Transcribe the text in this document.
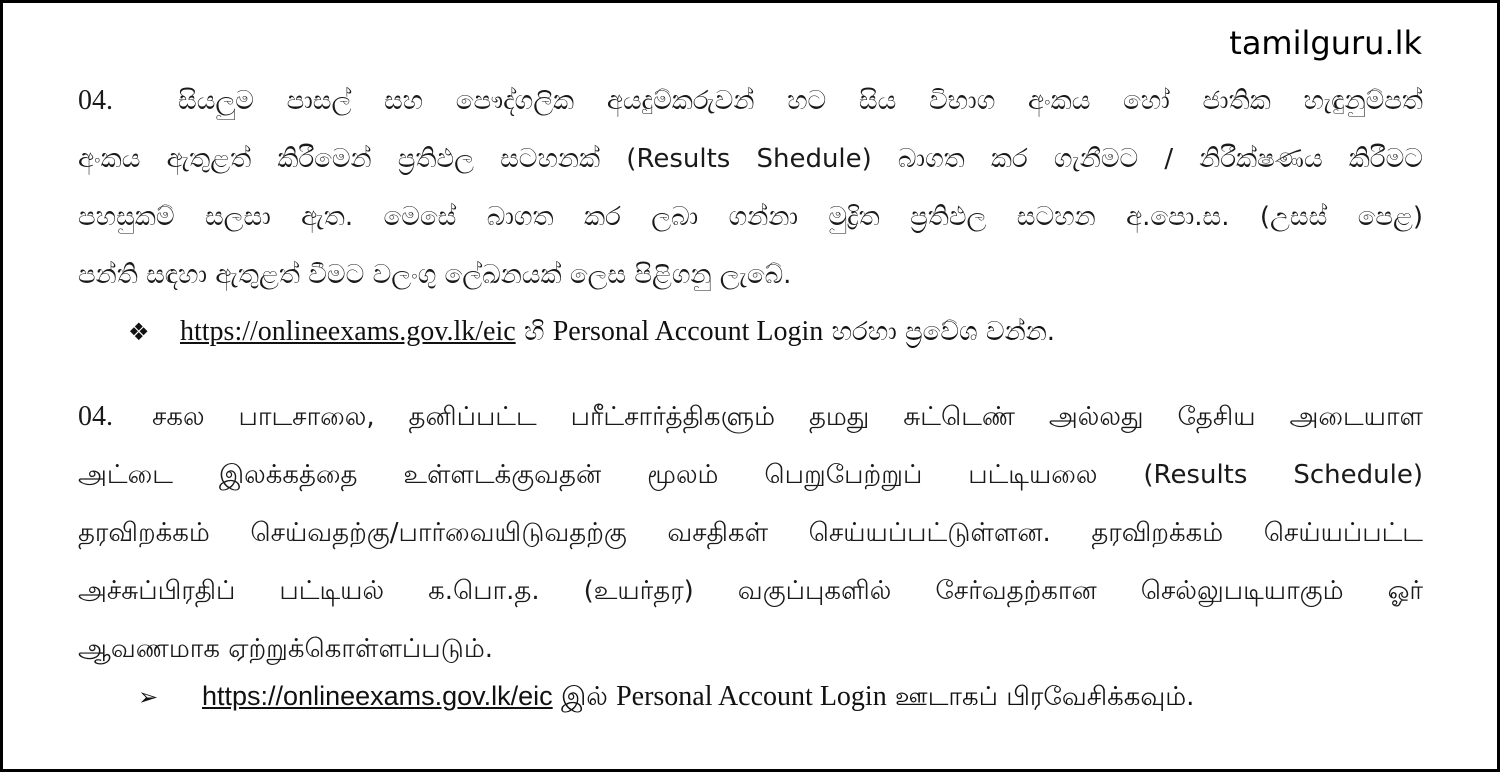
tamilguru.lk
04.	සියලුම පාසල් සහ පෞද්ගලික අයදුම්කරුවන් හට සිය විභාග අංකය හෝ ජාතික හැඳුනුම්පත්
අංකය ඇතුළත් කිරීමෙන් ප්‍රතිඵල සටහනක් (Results Shedule) බාගත කර ගැනීමට / නිරීක්ෂණය කිරීමට
පහසුකම් සලසා ඇත. මෙසේ බාගත කර ලබා ගන්නා මුද්‍රිත ප්‍රතිඵල සටහන අ.පො.ස. (උසස් පෙළ)
පන්ති සඳහා ඇතුළත් වීමට වලංගු ලේඛනයක් ලෙස පිළිගනු ලැබේ.
❖ https://onlineexams.gov.lk/eic හි Personal Account Login හරහා ප්‍රවේශ වන්න.
04. சகல பாடசாலை, தனிப்பட்ட பரீட்சார்த்திகளும் தமது சுட்டெண் அல்லது தேசிய அடையாள
அட்டை இலக்கத்தை உள்ளடக்குவதன் மூலம் பெறுபேற்றுப் பட்டியலை (Results Schedule)
தரவிறக்கம் செய்வதற்கு/பார்வையிடுவதற்கு வசதிகள் செய்யப்பட்டுள்ளன. தரவிறக்கம் செய்யப்பட்ட
அச்சுப்பிரதிப் பட்டியல் க.பொ.த. (உயர்தர) வகுப்புகளில் சேர்வதற்கான செல்லுபடியாகும் ஓர்
ஆவணமாக ஏற்றுக்கொள்ளப்படும்.
➢ https://onlineexams.gov.lk/eic இல் Personal Account Login ஊடாகப் பிரவேசிக்கவும்.
